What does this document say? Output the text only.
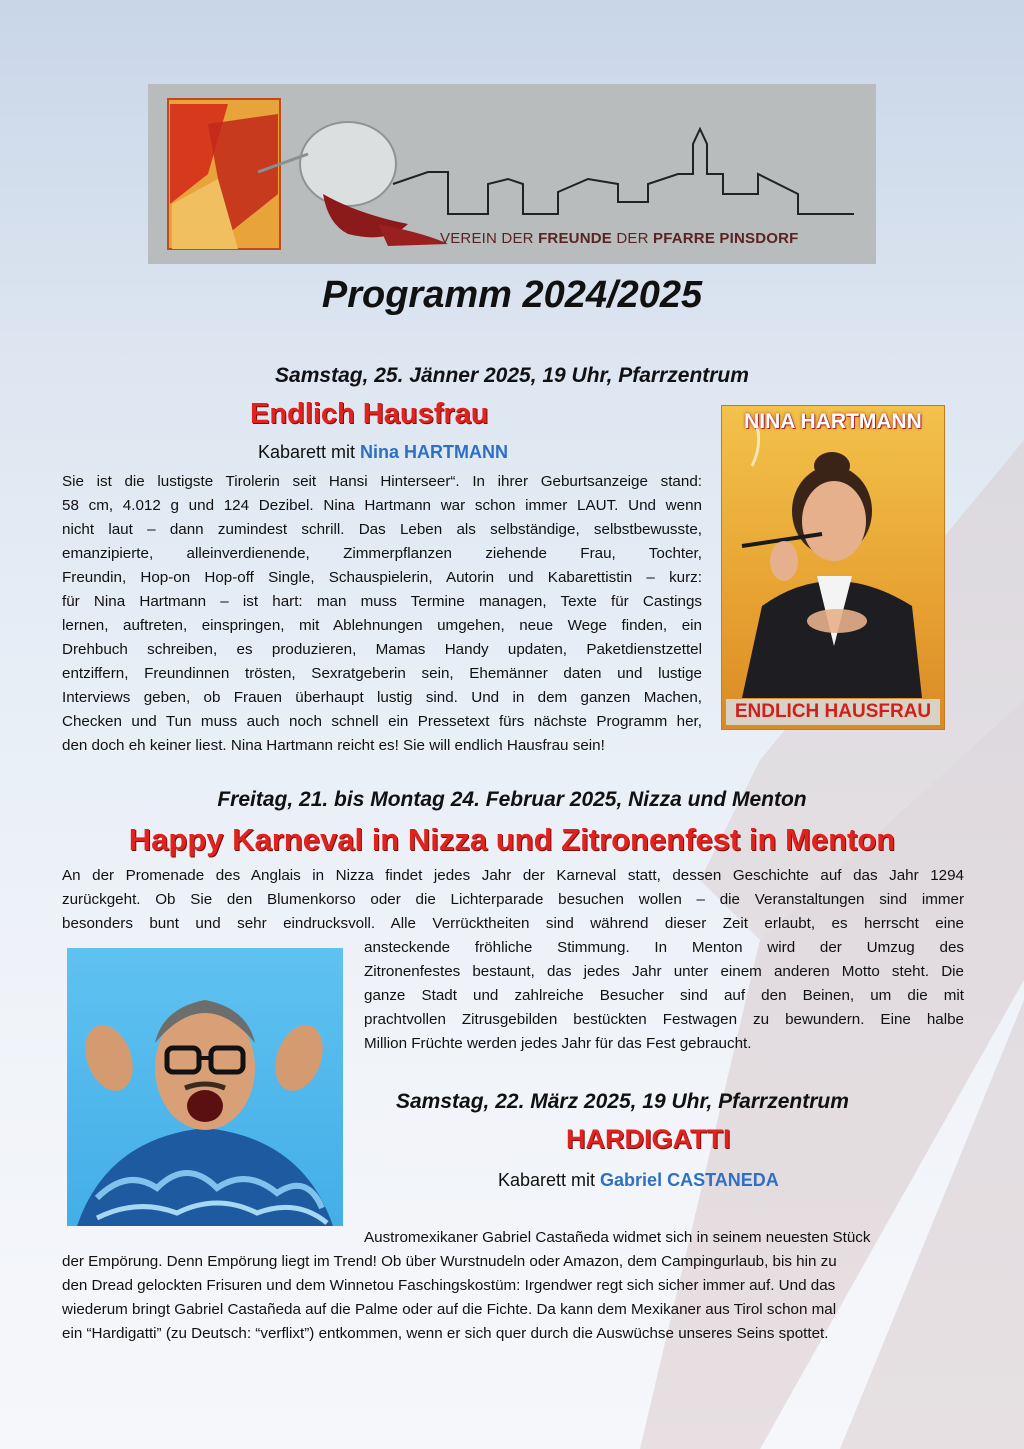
VEREIN DER FREUNDE DER PFARRE PINSDORF
Programm 2024/2025
Samstag, 25. Jänner 2025, 19 Uhr, Pfarrzentrum
Endlich Hausfrau
Kabarett mit Nina HARTMANN
Sie ist die lustigste Tirolerin seit Hansi Hinterseer“. In ihrer Geburtsanzeige stand:
58 cm, 4.012 g und 124 Dezibel. Nina Hartmann war schon immer LAUT. Und wenn
nicht laut – dann zumindest schrill. Das Leben als selbständige, selbstbewusste,
emanzipierte, alleinverdienende, Zimmerpflanzen ziehende Frau, Tochter,
Freundin, Hop-on Hop-off Single, Schauspielerin, Autorin und Kabarettistin – kurz:
für Nina Hartmann – ist hart: man muss Termine managen, Texte für Castings
lernen, auftreten, einspringen, mit Ablehnungen umgehen, neue Wege finden, ein
Drehbuch schreiben, es produzieren, Mamas Handy updaten, Paketdienstzettel
entziffern, Freundinnen trösten, Sexratgeberin sein, Ehemänner daten und lustige
Interviews geben, ob Frauen überhaupt lustig sind. Und in dem ganzen Machen,
Checken und Tun muss auch noch schnell ein Pressetext fürs nächste Programm her,
den doch eh keiner liest. Nina Hartmann reicht es! Sie will endlich Hausfrau sein!
NINA HARTMANN
ENDLICH HAUSFRAU
Freitag, 21. bis Montag 24. Februar 2025, Nizza und Menton
Happy Karneval in Nizza und Zitronenfest in Menton
An der Promenade des Anglais in Nizza findet jedes Jahr der Karneval statt, dessen Geschichte auf das Jahr 1294
zurückgeht. Ob Sie den Blumenkorso oder die Lichterparade besuchen wollen – die Veranstaltungen sind immer
besonders bunt und sehr eindrucksvoll. Alle Verrücktheiten sind während dieser Zeit erlaubt, es herrscht eine
ansteckende fröhliche Stimmung. In Menton wird der Umzug des
Zitronenfestes bestaunt, das jedes Jahr unter einem anderen Motto steht. Die
ganze Stadt und zahlreiche Besucher sind auf den Beinen, um die mit
prachtvollen Zitrusgebilden bestückten Festwagen zu bewundern. Eine halbe
Million Früchte werden jedes Jahr für das Fest gebraucht.
Samstag, 22. März 2025, 19 Uhr, Pfarrzentrum
HARDIGATTI
Kabarett mit Gabriel CASTANEDA
Austromexikaner Gabriel Castañeda widmet sich in seinem neuesten Stück
der Empörung. Denn Empörung liegt im Trend! Ob über Wurstnudeln oder Amazon, dem Campingurlaub, bis hin zu
den Dread gelockten Frisuren und dem Winnetou Faschingskostüm: Irgendwer regt sich sicher immer auf. Und das
wiederum bringt Gabriel Castañeda auf die Palme oder auf die Fichte. Da kann dem Mexikaner aus Tirol schon mal
ein “Hardigatti” (zu Deutsch: “verflixt”) entkommen, wenn er sich quer durch die Auswüchse unseres Seins spottet.
